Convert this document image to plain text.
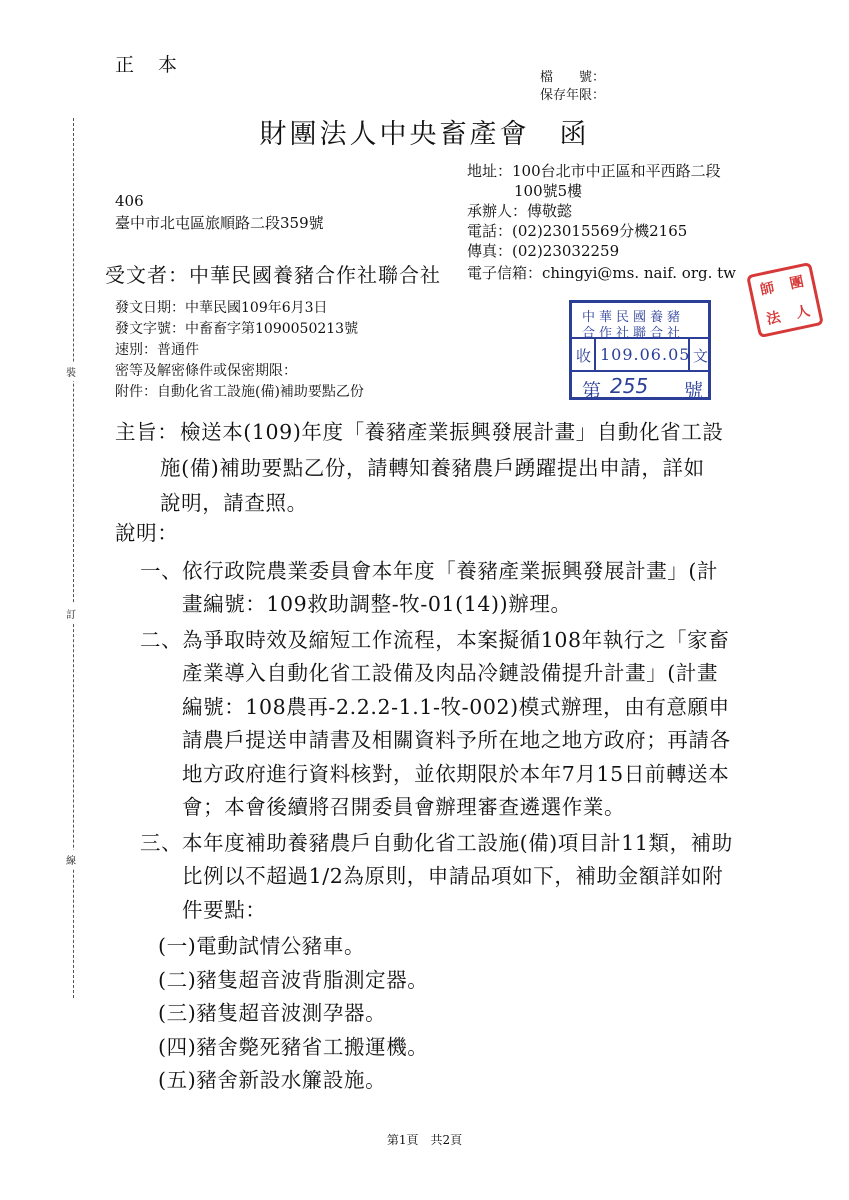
裝
訂
線
正本
檔　　號：
保存年限：
財團法人中央畜產會　函
地址：100台北市中正區和平西路二段
100號5樓
承辦人：傅敬懿
電話：(02)23015569分機2165
傳真：(02)23032259
電子信箱：chingyi@ms. naif. org. tw
406
臺中市北屯區旅順路二段359號
受文者：中華民國養豬合作社聯合社
發文日期：中華民國109年6月3日
發文字號：中畜畜字第1090050213號
速別：普通件
密等及解密條件或保密期限：
附件：自動化省工設施(備)補助要點乙份
中華民國養豬
合作社聯合社
收 109.06.05 文
第 255 號
師 團
法 人
主旨： 檢送本(109)年度「養豬產業振興發展計畫」自動化省工設
施(備)補助要點乙份，請轉知養豬農戶踴躍提出申請，詳如
說明，請查照。
說明：
一、 依行政院農業委員會本年度「養豬產業振興發展計畫」(計
畫編號：109救助調整-牧-01(14))辦理。
二、 為爭取時效及縮短工作流程，本案擬循108年執行之「家畜
產業導入自動化省工設備及肉品冷鏈設備提升計畫」(計畫
編號：108農再-2.2.2-1.1-牧-002)模式辦理，由有意願申
請農戶提送申請書及相關資料予所在地之地方政府；再請各
地方政府進行資料核對，並依期限於本年7月15日前轉送本
會；本會後續將召開委員會辦理審查遴選作業。
三、 本年度補助養豬農戶自動化省工設施(備)項目計11類，補助
比例以不超過1/2為原則，申請品項如下，補助金額詳如附
件要點：
(一)電動試情公豬車。
(二)豬隻超音波背脂測定器。
(三)豬隻超音波測孕器。
(四)豬舍斃死豬省工搬運機。
(五)豬舍新設水簾設施。
第1頁　共2頁
